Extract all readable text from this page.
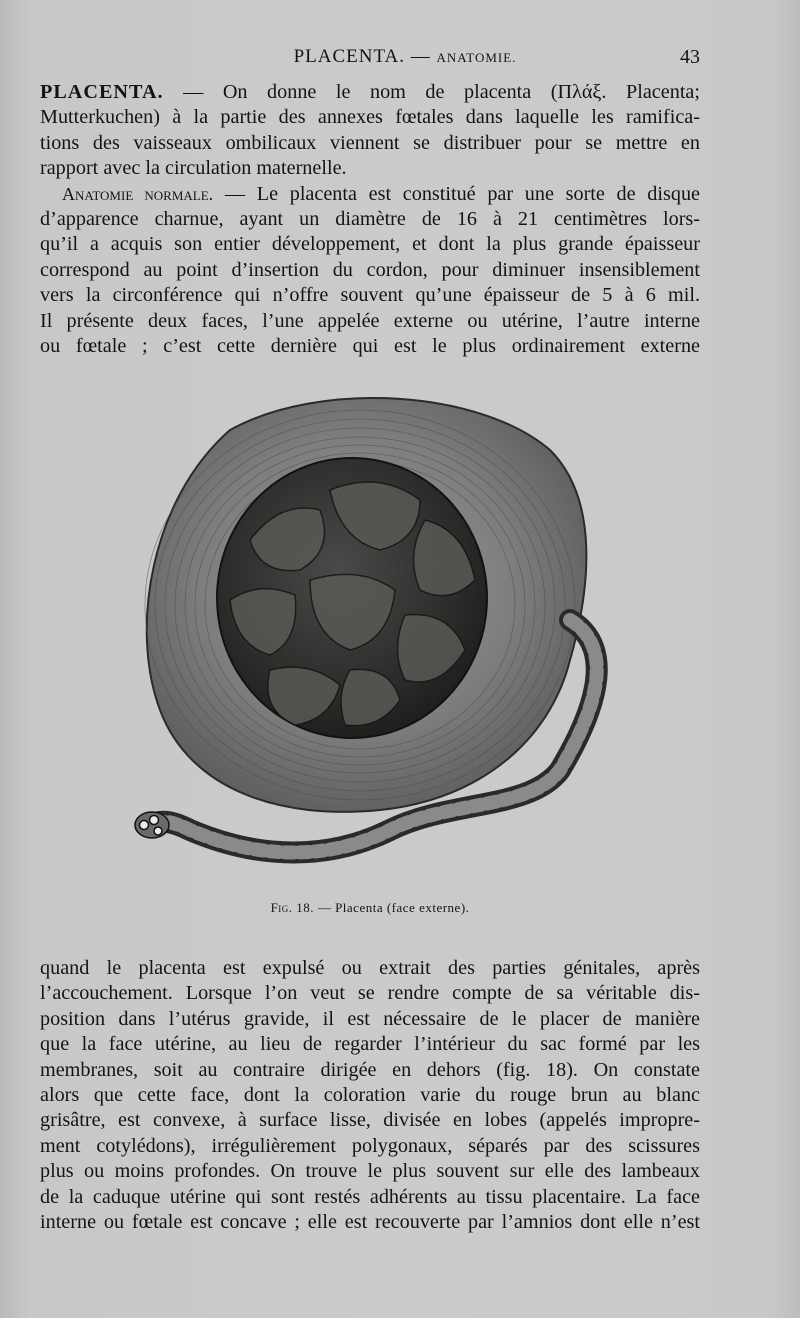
PLACENTA. — ANATOMIE.	43
PLACENTA. — On donne le nom de placenta (Πλάξ. Placenta;
Mutterkuchen) à la partie des annexes fœtales dans laquelle les ramifica-
tions des vaisseaux ombilicaux viennent se distribuer pour se mettre en
rapport avec la circulation maternelle.
Anatomie normale. — Le placenta est constitué par une sorte de disque
d’apparence charnue, ayant un diamètre de 16 à 21 centimètres lors-
qu’il a acquis son entier développement, et dont la plus grande épaisseur
correspond au point d’insertion du cordon, pour diminuer insensiblement
vers la circonférence qui n’offre souvent qu’une épaisseur de 5 à 6 mil.
Il présente deux faces, l’une appelée externe ou utérine, l’autre interne
ou fœtale ; c’est cette dernière qui est le plus ordinairement externe
Fig. 18. — Placenta (face externe).
quand le placenta est expulsé ou extrait des parties génitales, après
l’accouchement. Lorsque l’on veut se rendre compte de sa véritable dis-
position dans l’utérus gravide, il est nécessaire de le placer de manière
que la face utérine, au lieu de regarder l’intérieur du sac formé par les
membranes, soit au contraire dirigée en dehors (fig. 18). On constate
alors que cette face, dont la coloration varie du rouge brun au blanc
grisâtre, est convexe, à surface lisse, divisée en lobes (appelés impropre-
ment cotylédons), irrégulièrement polygonaux, séparés par des scissures
plus ou moins profondes. On trouve le plus souvent sur elle des lambeaux
de la caduque utérine qui sont restés adhérents au tissu placentaire. La face
interne ou fœtale est concave ; elle est recouverte par l’amnios dont elle n’est
